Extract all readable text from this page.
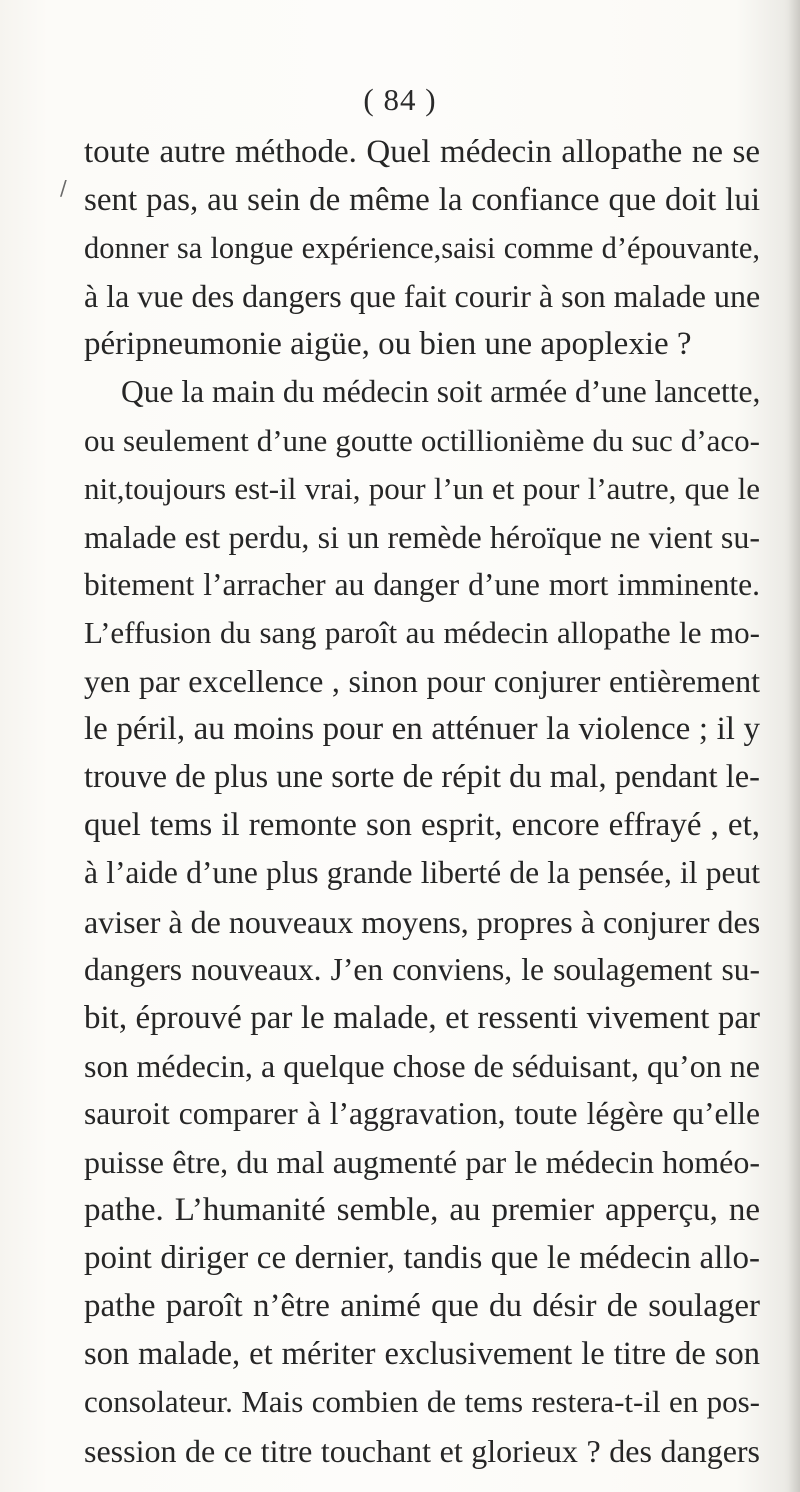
( 84 )
/
toute autre méthode. Quel médecin allopathe ne se
sent pas, au sein de même la confiance que doit lui
donner sa longue expérience,saisi comme d’épouvante,
à la vue des dangers que fait courir à son malade une
péripneumonie aigüe, ou bien une apoplexie ?
Que la main du médecin soit armée d’une lancette,
ou seulement d’une goutte octillionième du suc d’aco-
nit,toujours est-il vrai, pour l’un et pour l’autre, que le
malade est perdu, si un remède héroïque ne vient su-
bitement l’arracher au danger d’une mort imminente.
L’effusion du sang paroît au médecin allopathe le mo-
yen par excellence , sinon pour conjurer entièrement
le péril, au moins pour en atténuer la violence ; il y
trouve de plus une sorte de répit du mal, pendant le-
quel tems il remonte son esprit, encore effrayé , et,
à l’aide d’une plus grande liberté de la pensée, il peut
aviser à de nouveaux moyens, propres à conjurer des
dangers nouveaux. J’en conviens, le soulagement su-
bit, éprouvé par le malade, et ressenti vivement par
son médecin, a quelque chose de séduisant, qu’on ne
sauroit comparer à l’aggravation, toute légère qu’elle
puisse être, du mal augmenté par le médecin homéo-
pathe. L’humanité semble, au premier apperçu, ne
point diriger ce dernier, tandis que le médecin allo-
pathe paroît n’être animé que du désir de soulager
son malade, et mériter exclusivement le titre de son
consolateur. Mais combien de tems restera-t-il en pos-
session de ce titre touchant et glorieux ? des dangers
